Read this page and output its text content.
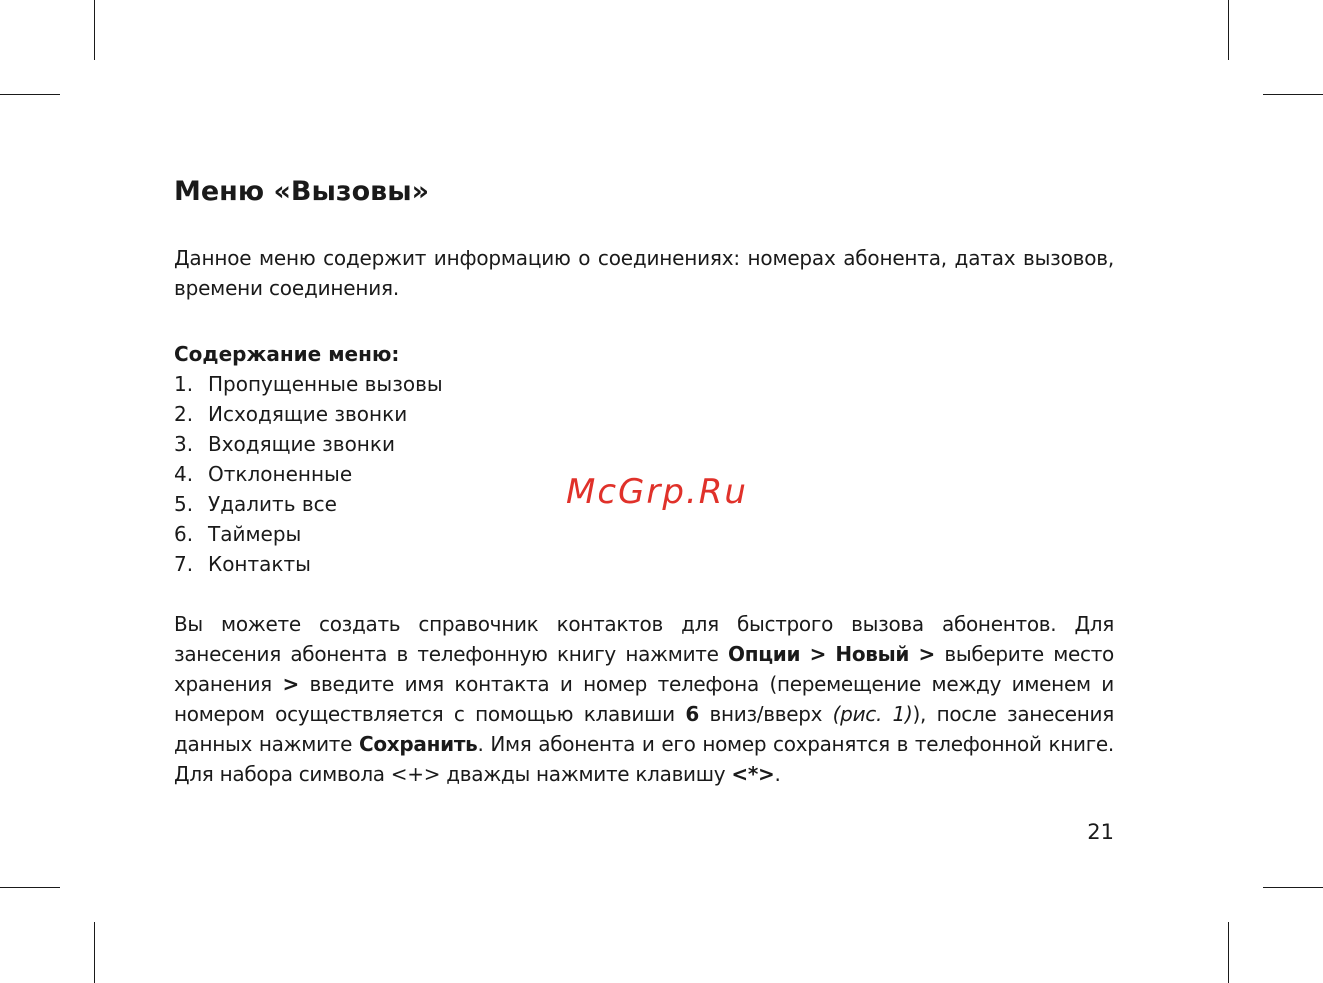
Меню «Вызовы»

Данное меню содержит информацию о соединениях: номерах абонента, датах вызовов, времени соединения.

Содержание меню:
1. Пропущенные вызовы
2. Исходящие звонки
3. Входящие звонки
4. Отклоненные
5. Удалить все
6. Таймеры
7. Контакты

Вы можете создать справочник контактов для быстрого вызова абонентов. Для занесения абонента в телефонную книгу нажмите Опции > Новый > выберите место хранения > введите имя контакта и номер телефона (перемещение между именем и номером осуществляется с помощью клавиши 6 вниз/вверх (рис. 1)), после занесения данных нажмите Сохранить. Имя абонента и его номер сохранятся в телефонной книге. Для набора символа <+> дважды нажмите клавишу <*>.

McGrp.Ru
21
